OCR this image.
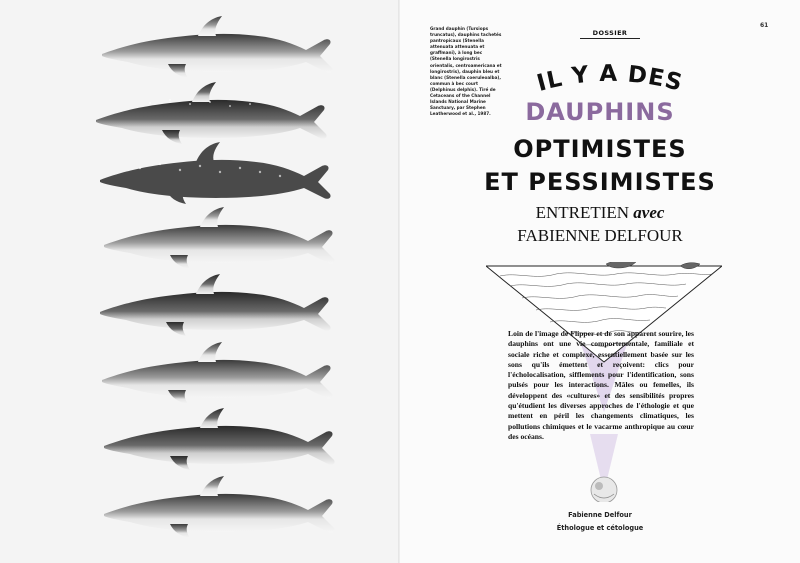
Grand dauphin (Tursiops truncatus), dauphins tachetés pantropicaux (Stenella attenuata attenuata et graffmani), à long bec (Stenella longirostris orientalis, centroamericana et longirostris), dauphin bleu et blanc (Stenella coeruleoalba), commun à bec court (Delphinus delphis). Tiré de Cetaceans of the Channel Islands National Marine Sanctuary, par Stephen Leatherwood et al., 1987.
61
DOSSIER
IL Y A DES
DAUPHINS
OPTIMISTES
ET PESSIMISTES
ENTRETIEN avec
FABIENNE DELFOUR
Loin de l'image de Flipper et de son apparent sourire, les dauphins ont une vie comportementale, familiale et sociale riche et complexe, essentiellement basée sur les sons qu'ils émettent et reçoivent: clics pour l'écholocalisation, sifflements pour l'identification, sons pulsés pour les interactions. Mâles ou femelles, ils développent des «cultures» et des sensibilités propres qu'étudient les diverses approches de l'éthologie et que mettent en péril les changements climatiques, les pollutions chimiques et le vacarme anthropique au cœur des océans.
Fabienne Delfour
Éthologue et cétologue
